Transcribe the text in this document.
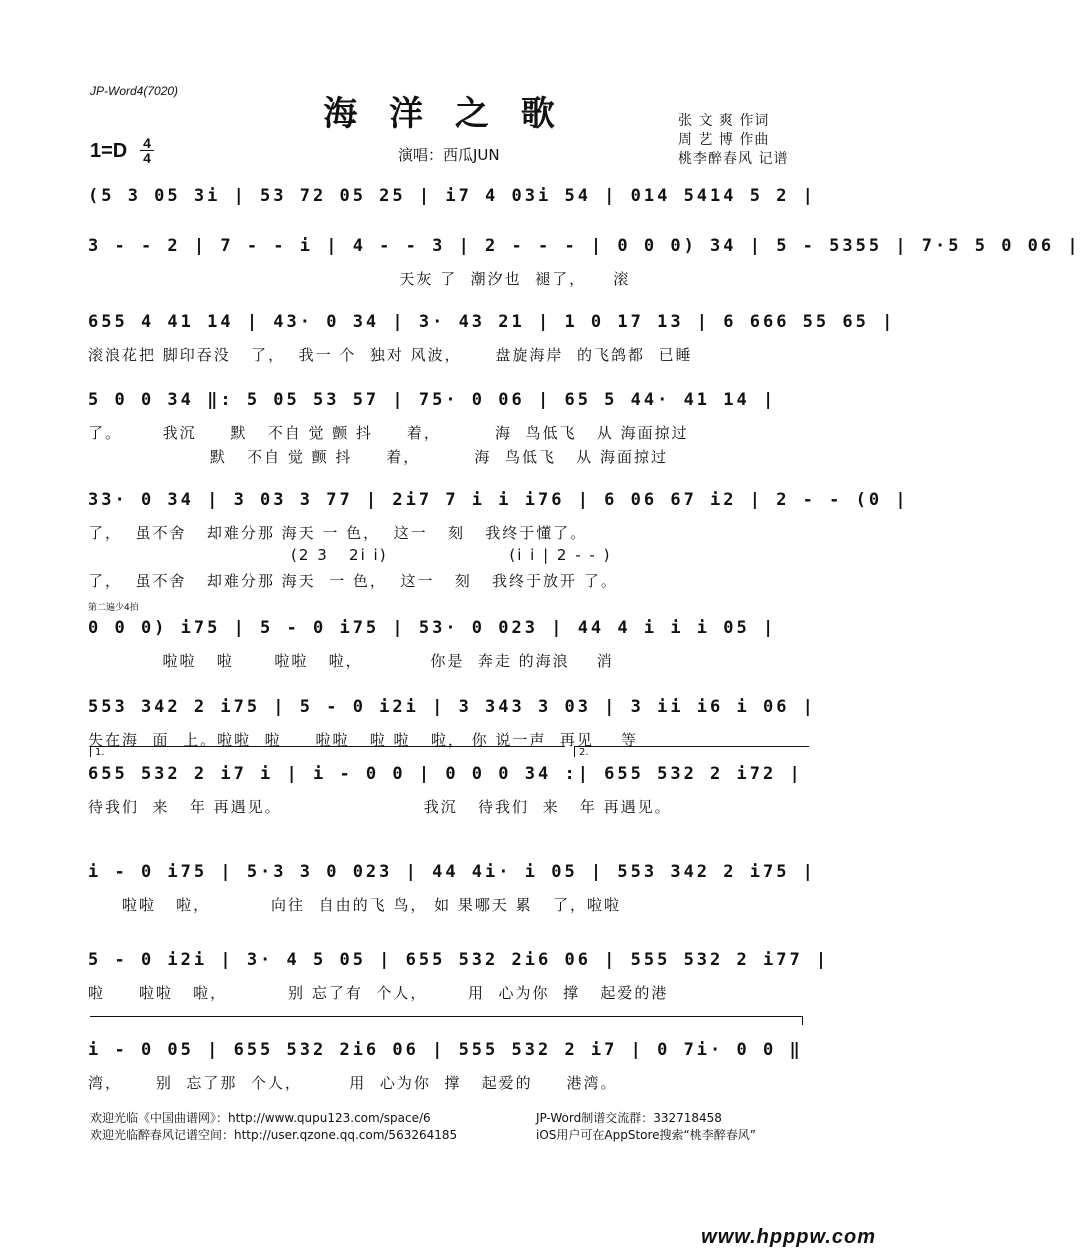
JP-Word4(7020)
海 洋 之 歌
1=D 4
4	演唱：西瓜JUN
张 文 爽 作词
周 艺 博 作曲
桃李醉春风 记谱
(5 3 05 3i | 53 72 05 25 | i7 4 03i 54 | 014 5414 5 2 |
3 - - 2 | 7 - - i | 4 - - 3 | 2 - - - | 0 0 0) 34 | 5 - 5355 | 7·5 5 0 06 |
天灰 了  潮汐也  褪了，    滚
655 4 41 14 | 43· 0 34 | 3· 43 21 | 1 0 17 13 | 6 666 55 65 |
滚浪花把 脚印吞没   了，  我一 个  独对 风波，     盘旋海岸  的飞鸽都  已睡
5 0 0 34 ‖: 5 05 53 57 | 75· 0 06 | 65 5 44· 41 14 |
了。      我沉     默   不自 觉 颤 抖     着，        海  鸟低飞   从 海面掠过
默   不自 觉 颤 抖     着，        海  鸟低飞   从 海面掠过
33· 0 34 | 3 03 3 77 | 2i7 7 i i i76 | 6 06 67 i2 | 2 - - (0 |
了，  虽不舍   却难分那 海天 一 色，  这一   刻   我终于懂了。
(2 3   2i i)                  (i i | 2 - - )
了，  虽不舍   却难分那 海天  一 色，  这一   刻   我终于放开 了。
第二遍少4拍
0 0 0) i75 | 5 - 0 i75 | 53· 0 023 | 44 4 i i i 05 |
啦啦   啦      啦啦   啦，          你是  奔走 的海浪    消
553 342 2 i75 | 5 - 0 i2i | 3 343 3 03 | 3 ii i6 i 06 |
失在海  面  上。啦啦  啦     啦啦   啦 啦   啦， 你 说一声  再见    等
1.	2.
655 532 2 i7 i | i - 0 0 | 0 0 0 34 :| 655 532 2 i72 |
待我们  来   年 再遇见。                     我沉   待我们  来   年 再遇见。
i - 0 i75 | 5·3 3 0 023 | 44 4i· i 05 | 553 342 2 i75 |
啦啦   啦，         向往  自由的飞 鸟， 如 果哪天 累   了，啦啦
5 - 0 i2i | 3· 4 5 05 | 655 532 2i6 06 | 555 532 2 i77 |
啦     啦啦   啦，         别 忘了有  个人，      用  心为你  撑   起爱的港
i - 0 05 | 655 532 2i6 06 | 555 532 2 i7 | 0 7i· 0 0 ‖
湾，     别  忘了那  个人，       用  心为你  撑   起爱的     港湾。
欢迎光临《中国曲谱网》：http://www.qupu123.com/space/6
欢迎光临醉春风记谱空间：http://user.qzone.qq.com/563264185
JP-Word制谱交流群：332718458
iOS用户可在AppStore搜索“桃李醉春风”
www.hpppw.com
